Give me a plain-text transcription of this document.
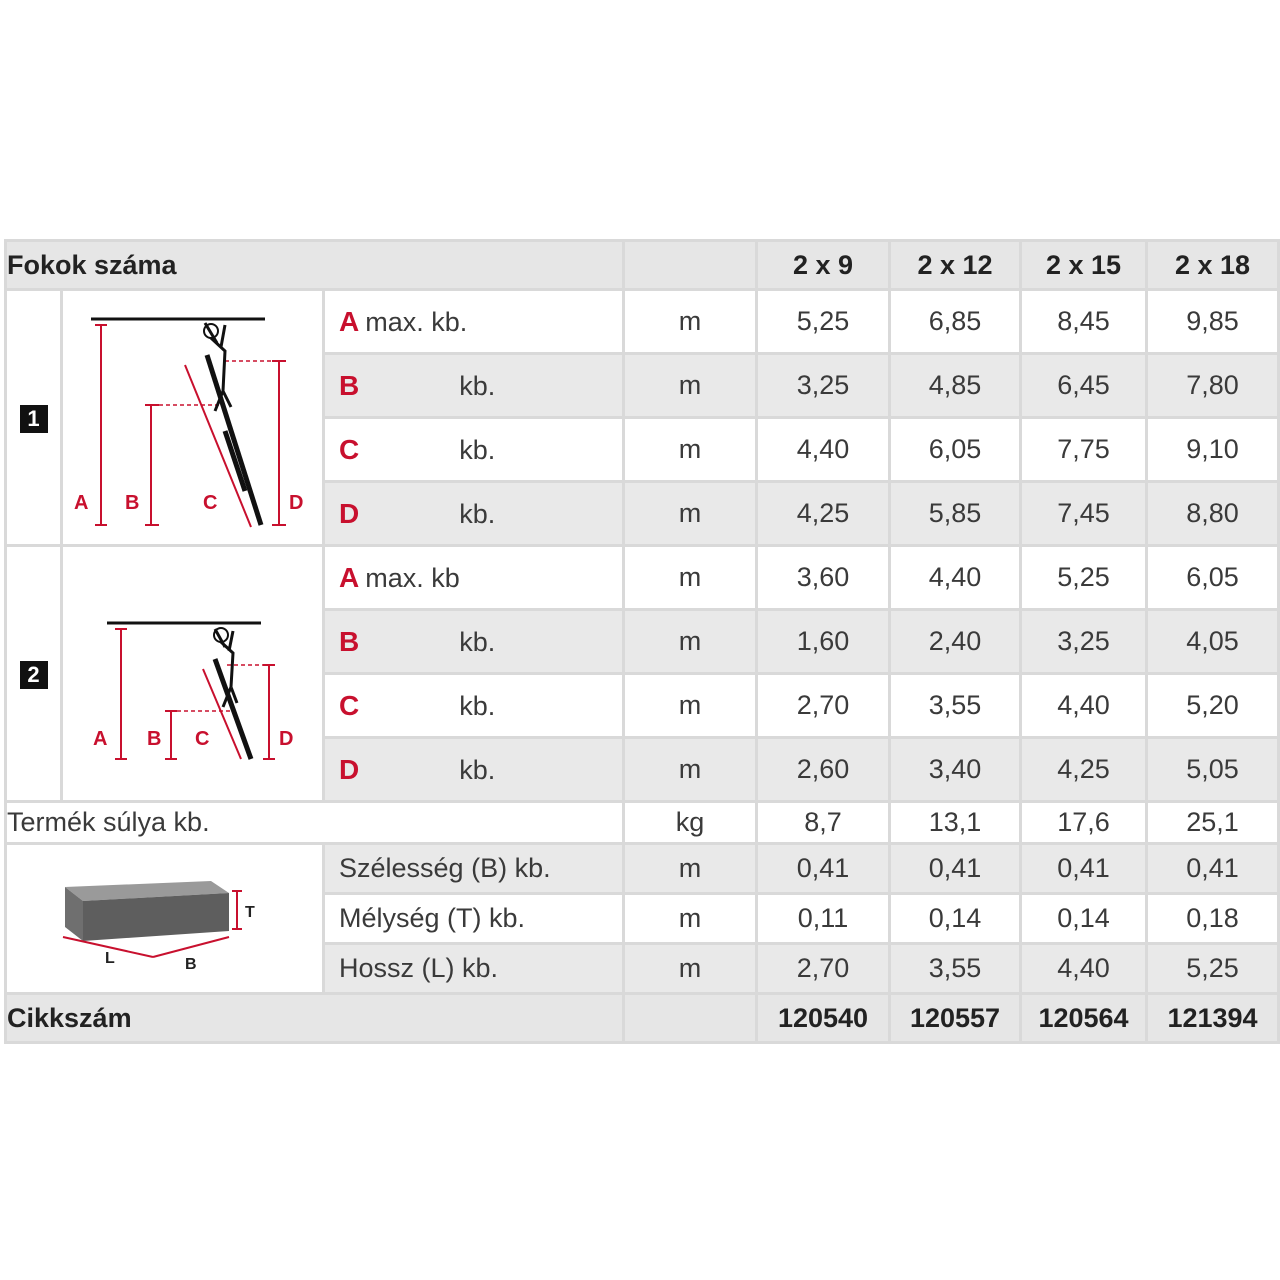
Fokok száma				2 x 9	2 x 12	2 x 15	2 x 18
1	A B C D	A max. kb.	m	5,25	6,85	8,45	9,85
		B kb.	m	3,25	4,85	6,45	7,80
		C kb.	m	4,40	6,05	7,75	9,10
		D kb.	m	4,25	5,85	7,45	8,80
2	A B C D	A max. kb	m	3,60	4,40	5,25	6,05
		B kb.	m	1,60	2,40	3,25	4,05
		C kb.	m	2,70	3,55	4,40	5,20
		D kb.	m	2,60	3,40	4,25	5,05
Termék súlya kb.			kg	8,7	13,1	17,6	25,1

T
L B		Szélesség (B) kb.	m	0,41	0,41	0,41	0,41
		Mélység (T) kb.	m	0,11	0,14	0,14	0,18
		Hossz (L) kb.	m	2,70	3,55	4,40	5,25
Cikkszám				120540	120557	120564	121394
